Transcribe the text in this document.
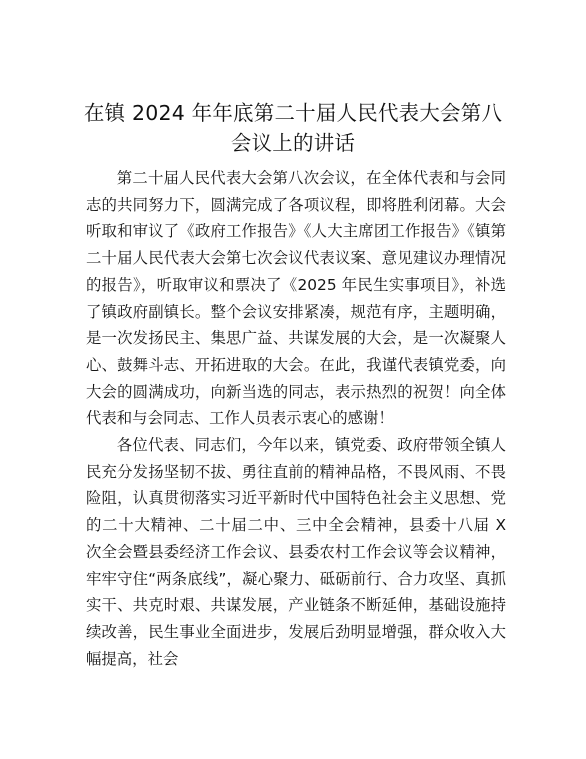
在镇 2024 年年底第二十届人民代表大会第八会议上的讲话

第二十届人民代表大会第八次会议，在全体代表和与会同志的共同努力下，圆满完成了各项议程，即将胜利闭幕。大会听取和审议了《政府工作报告》《人大主席团工作报告》《镇第二十届人民代表大会第七次会议代表议案、意见建议办理情况的报告》，听取审议和票决了《2025 年民生实事项目》，补选了镇政府副镇长。整个会议安排紧凑，规范有序，主题明确，是一次发扬民主、集思广益、共谋发展的大会，是一次凝聚人心、鼓舞斗志、开拓进取的大会。在此，我谨代表镇党委，向大会的圆满成功，向新当选的同志，表示热烈的祝贺！向全体代表和与会同志、工作人员表示衷心的感谢！

各位代表、同志们，今年以来，镇党委、政府带领全镇人民充分发扬坚韧不拔、勇往直前的精神品格，不畏风雨、不畏险阻，认真贯彻落实习近平新时代中国特色社会主义思想、党的二十大精神、二十届二中、三中全会精神，县委十八届 X 次全会暨县委经济工作会议、县委农村工作会议等会议精神，牢牢守住“两条底线”，凝心聚力、砥砺前行、合力攻坚、真抓实干、共克时艰、共谋发展，产业链条不断延伸，基础设施持续改善，民生事业全面进步，发展后劲明显增强，群众收入大幅提高，社会
